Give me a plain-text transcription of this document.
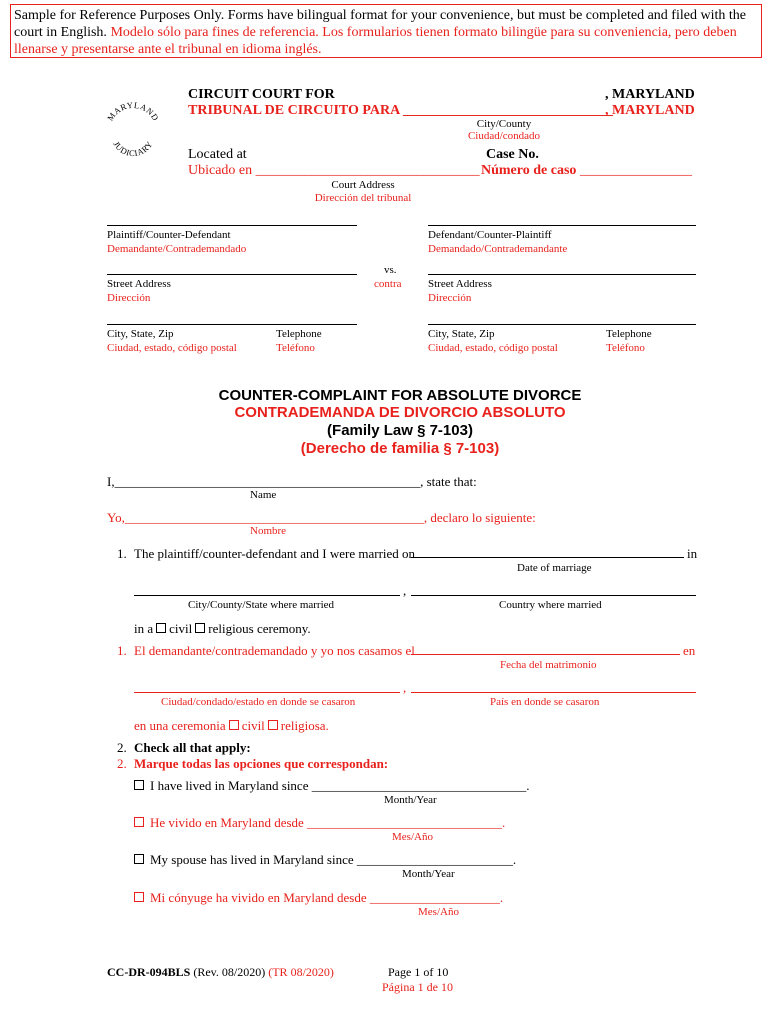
Sample for Reference Purposes Only. Forms have bilingual format for your convenience, but must be completed and filed with the court in English. Modelo sólo para fines de referencia. Los formularios tienen formato bilingüe para su conveniencia, pero deben llenarse y presentarse ante el tribunal en idioma inglés.
MARYLAND
JUDICIARY
CIRCUIT COURT FOR	, MARYLAND
TRIBUNAL DE CIRCUITO PARA ______________________________
, MARYLAND
City/County
Ciudad/condado
Located at	Case No.
Ubicado en ________________________________ Número de caso ________________
Court Address
Dirección del tribunal
Plaintiff/Counter-Defendant
Demandante/Contrademandado
Defendant/Counter-Plaintiff
Demandado/Contrademandante
vs.
contra
Street Address
Dirección
Street Address
Dirección
City, State, Zip
Ciudad, estado, código postal
Telephone
Teléfono
City, State, Zip
Ciudad, estado, código postal
Telephone
Teléfono
COUNTER-COMPLAINT FOR ABSOLUTE DIVORCE
CONTRADEMANDA DE DIVORCIO ABSOLUTO
(Family Law § 7-103)
(Derecho de familia § 7-103)
I,_______________________________________________, state that:
Name
Yo,______________________________________________, declaro lo siguiente:
Nombre
1. The plaintiff/counter-defendant and I were married on	in
Date of marriage
,
City/County/State where married	Country where married
in a civil religious ceremony.
1. El demandante/contrademandado y yo nos casamos el	en
Fecha del matrimonio
,
Ciudad/condado/estado en donde se casaron	País en donde se casaron
en una ceremonia civil religiosa.
2. Check all that apply:
2. Marque todas las opciones que correspondan:
I have lived in Maryland since _________________________________.
Month/Year
He vivido en Maryland desde ______________________________.
Mes/Año
My spouse has lived in Maryland since ________________________.
Month/Year
Mi cónyuge ha vivido en Maryland desde ____________________.
Mes/Año
CC-DR-094BLS (Rev. 08/2020) (TR 08/2020)	Page 1 of 10
Página 1 de 10
